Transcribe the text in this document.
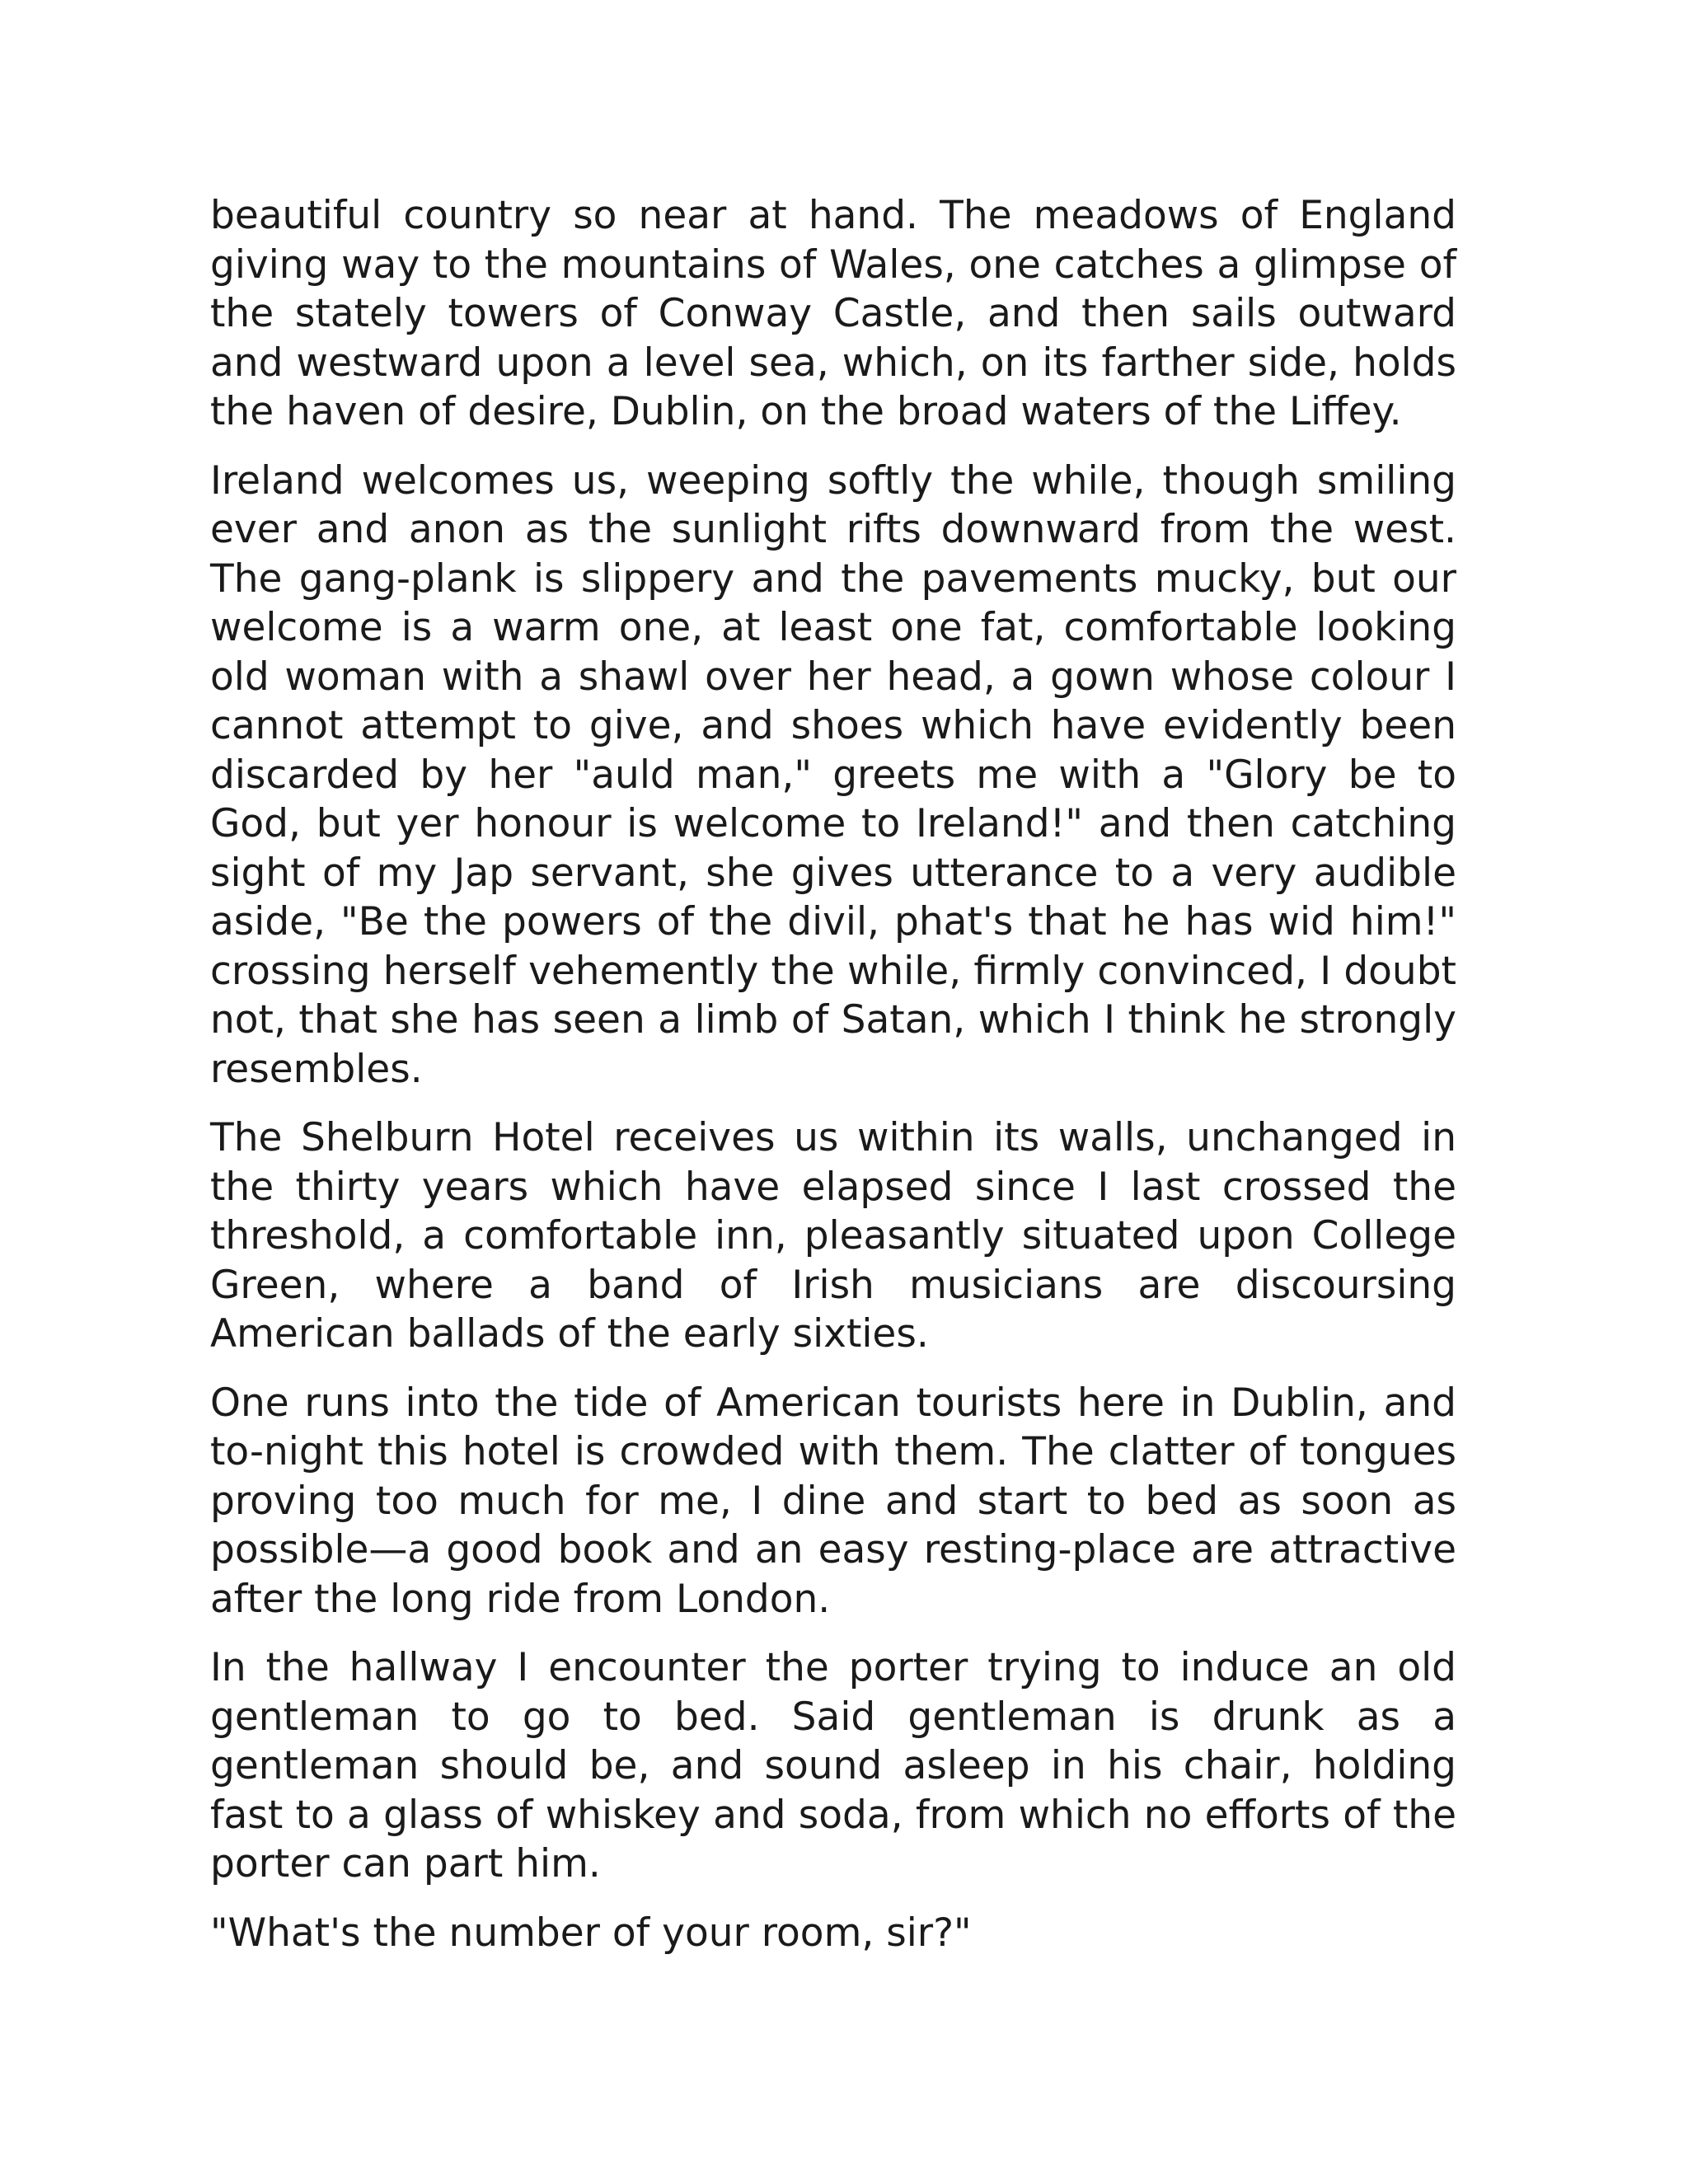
beautiful country so near at hand. The meadows of England giving way to the mountains of Wales, one catches a glimpse of the stately towers of Conway Castle, and then sails outward and westward upon a level sea, which, on its farther side, holds the haven of desire, Dublin, on the broad waters of the Liffey.

Ireland welcomes us, weeping softly the while, though smiling ever and anon as the sunlight rifts downward from the west. The gang-plank is slippery and the pavements mucky, but our welcome is a warm one, at least one fat, comfortable looking old woman with a shawl over her head, a gown whose colour I cannot attempt to give, and shoes which have evidently been discarded by her "auld man," greets me with a "Glory be to God, but yer honour is welcome to Ireland!" and then catching sight of my Jap servant, she gives utterance to a very audible aside, "Be the powers of the divil, phat's that he has wid him!" crossing herself vehemently the while, firmly convinced, I doubt not, that she has seen a limb of Satan, which I think he strongly resembles.

The Shelburn Hotel receives us within its walls, unchanged in the thirty years which have elapsed since I last crossed the threshold, a comfortable inn, pleasantly situated upon College Green, where a band of Irish musicians are discoursing American ballads of the early sixties.

One runs into the tide of American tourists here in Dublin, and to-night this hotel is crowded with them. The clatter of tongues proving too much for me, I dine and start to bed as soon as possible—a good book and an easy resting-place are attractive after the long ride from London.

In the hallway I encounter the porter trying to induce an old gentleman to go to bed. Said gentleman is drunk as a gentleman should be, and sound asleep in his chair, holding fast to a glass of whiskey and soda, from which no efforts of the porter can part him.

"What's the number of your room, sir?"
